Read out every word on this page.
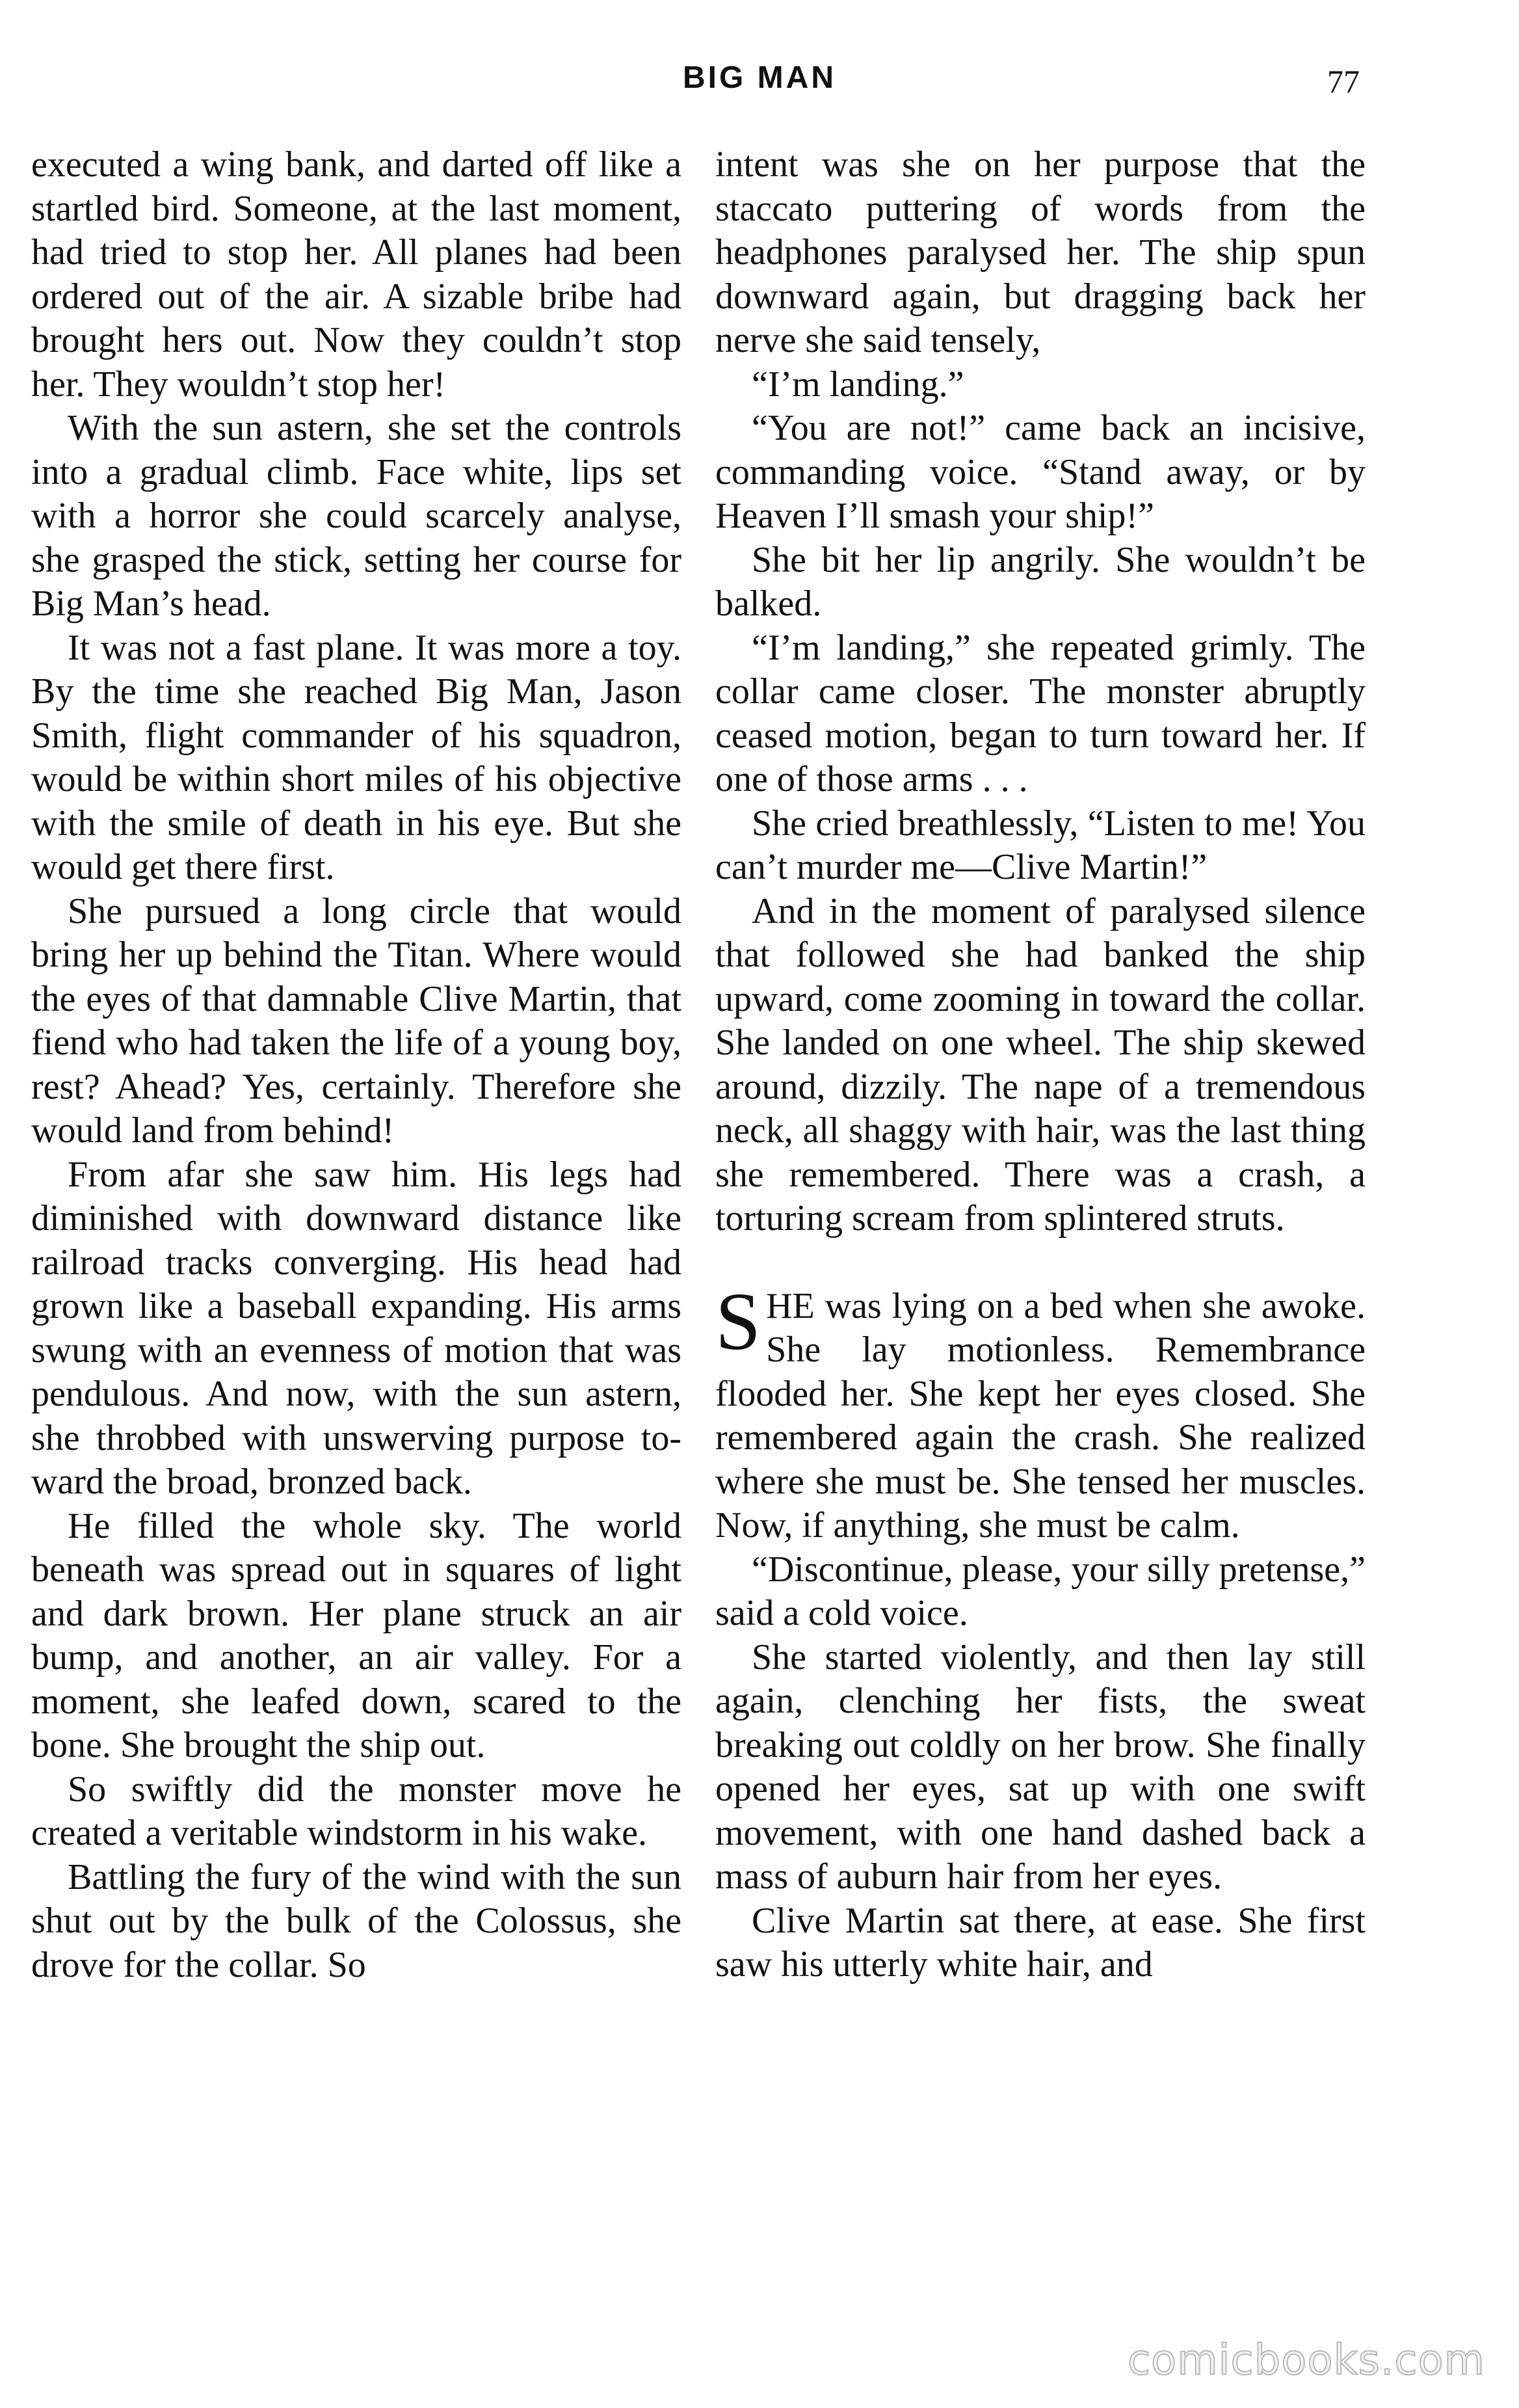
BIG MAN	77

executed a wing bank, and darted off like a startled bird. Someone, at the last moment, had tried to stop her. All planes had been ordered out of the air. A sizable bribe had brought hers out. Now they couldn’t stop her. They wouldn’t stop her!

With the sun astern, she set the controls into a gradual climb. Face white, lips set with a horror she could scarcely analyse, she grasped the stick, setting her course for Big Man’s head.

It was not a fast plane. It was more a toy. By the time she reached Big Man, Jason Smith, flight commander of his squadron, would be within short miles of his objective with the smile of death in his eye. But she would get there first.

She pursued a long circle that would bring her up behind the Titan. Where would the eyes of that damnable Clive Martin, that fiend who had taken the life of a young boy, rest? Ahead? Yes, certainly. Therefore she would land from behind!

From afar she saw him. His legs had diminished with downward distance like railroad tracks converging. His head had grown like a baseball expanding. His arms swung with an evenness of motion that was pendulous. And now, with the sun astern, she throbbed with unswerving purpose toward the broad, bronzed back.

He filled the whole sky. The world beneath was spread out in squares of light and dark brown. Her plane struck an air bump, and another, an air valley. For a moment, she leafed down, scared to the bone. She brought the ship out.

So swiftly did the monster move he created a veritable windstorm in his wake.

Battling the fury of the wind with the sun shut out by the bulk of the Colossus, she drove for the collar. So

intent was she on her purpose that the staccato puttering of words from the headphones paralysed her. The ship spun downward again, but dragging back her nerve she said tensely,

“I’m landing.”

“You are not!” came back an incisive, commanding voice. “Stand away, or by Heaven I’ll smash your ship!”

She bit her lip angrily. She wouldn’t be balked.

“I’m landing,” she repeated grimly. The collar came closer. The monster abruptly ceased motion, began to turn toward her. If one of those arms . . .

She cried breathlessly, “Listen to me! You can’t murder me—Clive Martin!”

And in the moment of paralysed silence that followed she had banked the ship upward, come zooming in toward the collar. She landed on one wheel. The ship skewed around, dizzily. The nape of a tremendous neck, all shaggy with hair, was the last thing she remembered. There was a crash, a torturing scream from splintered struts.

SHE was lying on a bed when she awoke. She lay motionless. Remembrance flooded her. She kept her eyes closed. She remembered again the crash. She realized where she must be. She tensed her muscles. Now, if anything, she must be calm.

“Discontinue, please, your silly pretense,” said a cold voice.

She started violently, and then lay still again, clenching her fists, the sweat breaking out coldly on her brow. She finally opened her eyes, sat up with one swift movement, with one hand dashed back a mass of auburn hair from her eyes.

Clive Martin sat there, at ease. She first saw his utterly white hair, and

comicbooks.com
